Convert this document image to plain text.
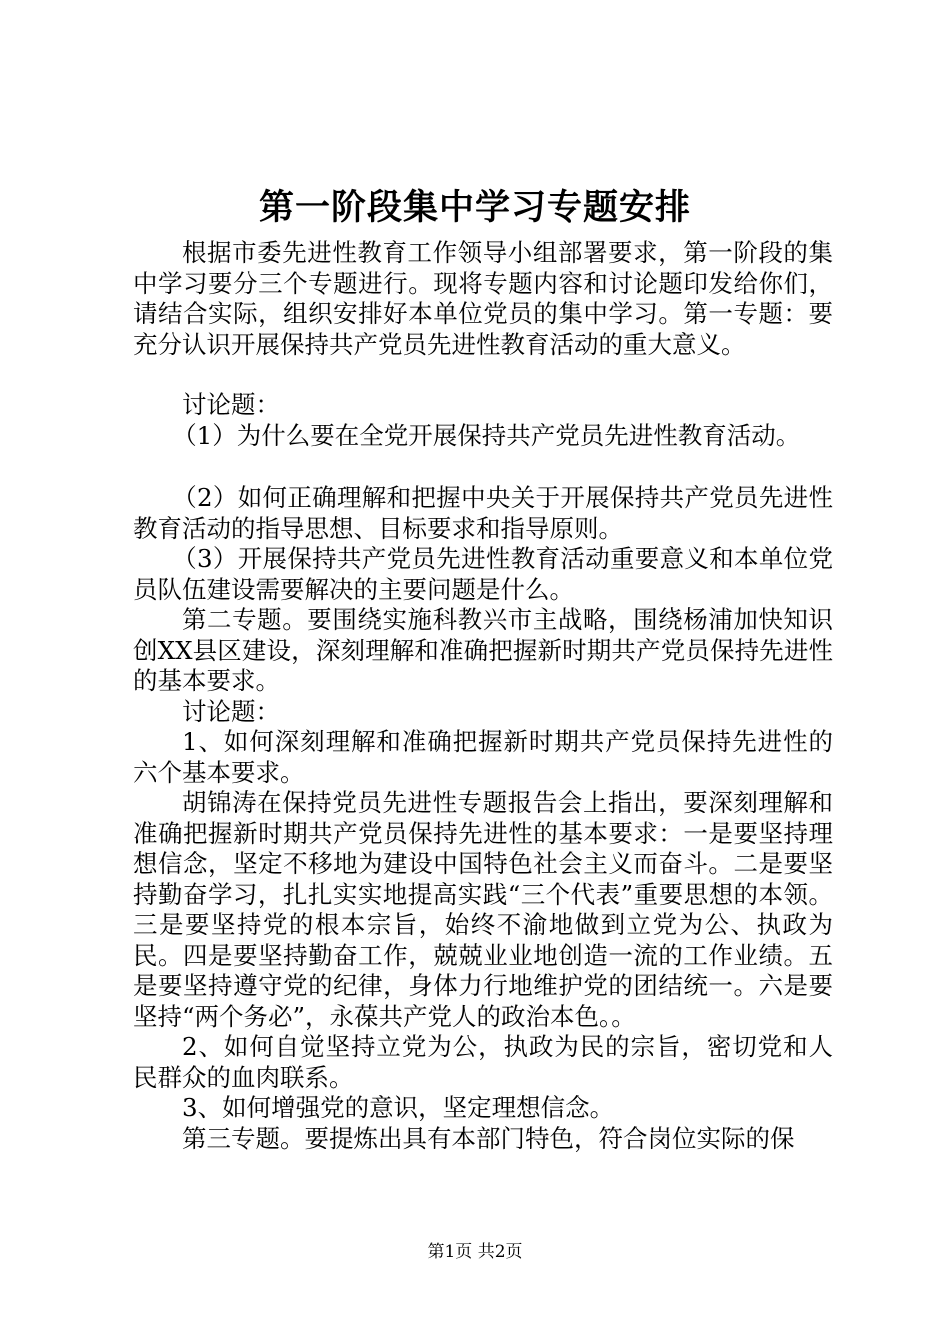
第一阶段集中学习专题安排

根据市委先进性教育工作领导小组部署要求，第一阶段的集中学习要分三个专题进行。现将专题内容和讨论题印发给你们，请结合实际，组织安排好本单位党员的集中学习。第一专题：要充分认识开展保持共产党员先进性教育活动的重大意义。

讨论题：

（1）为什么要在全党开展保持共产党员先进性教育活动。

（2）如何正确理解和把握中央关于开展保持共产党员先进性教育活动的指导思想、目标要求和指导原则。

（3）开展保持共产党员先进性教育活动重要意义和本单位党员队伍建设需要解决的主要问题是什么。

第二专题。要围绕实施科教兴市主战略，围绕杨浦加快知识创XX县区建设，深刻理解和准确把握新时期共产党员保持先进性的基本要求。

讨论题：

1、如何深刻理解和准确把握新时期共产党员保持先进性的六个基本要求。

胡锦涛在保持党员先进性专题报告会上指出，要深刻理解和准确把握新时期共产党员保持先进性的基本要求：一是要坚持理想信念，坚定不移地为建设中国特色社会主义而奋斗。二是要坚持勤奋学习，扎扎实实地提高实践“三个代表”重要思想的本领。三是要坚持党的根本宗旨，始终不渝地做到立党为公、执政为民。四是要坚持勤奋工作，兢兢业业地创造一流的工作业绩。五是要坚持遵守党的纪律，身体力行地维护党的团结统一。六是要坚持“两个务必”，永葆共产党人的政治本色。。

2、如何自觉坚持立党为公，执政为民的宗旨，密切党和人民群众的血肉联系。

3、如何增强党的意识，坚定理想信念。

第三专题。要提炼出具有本部门特色，符合岗位实际的保

第1页 共2页
